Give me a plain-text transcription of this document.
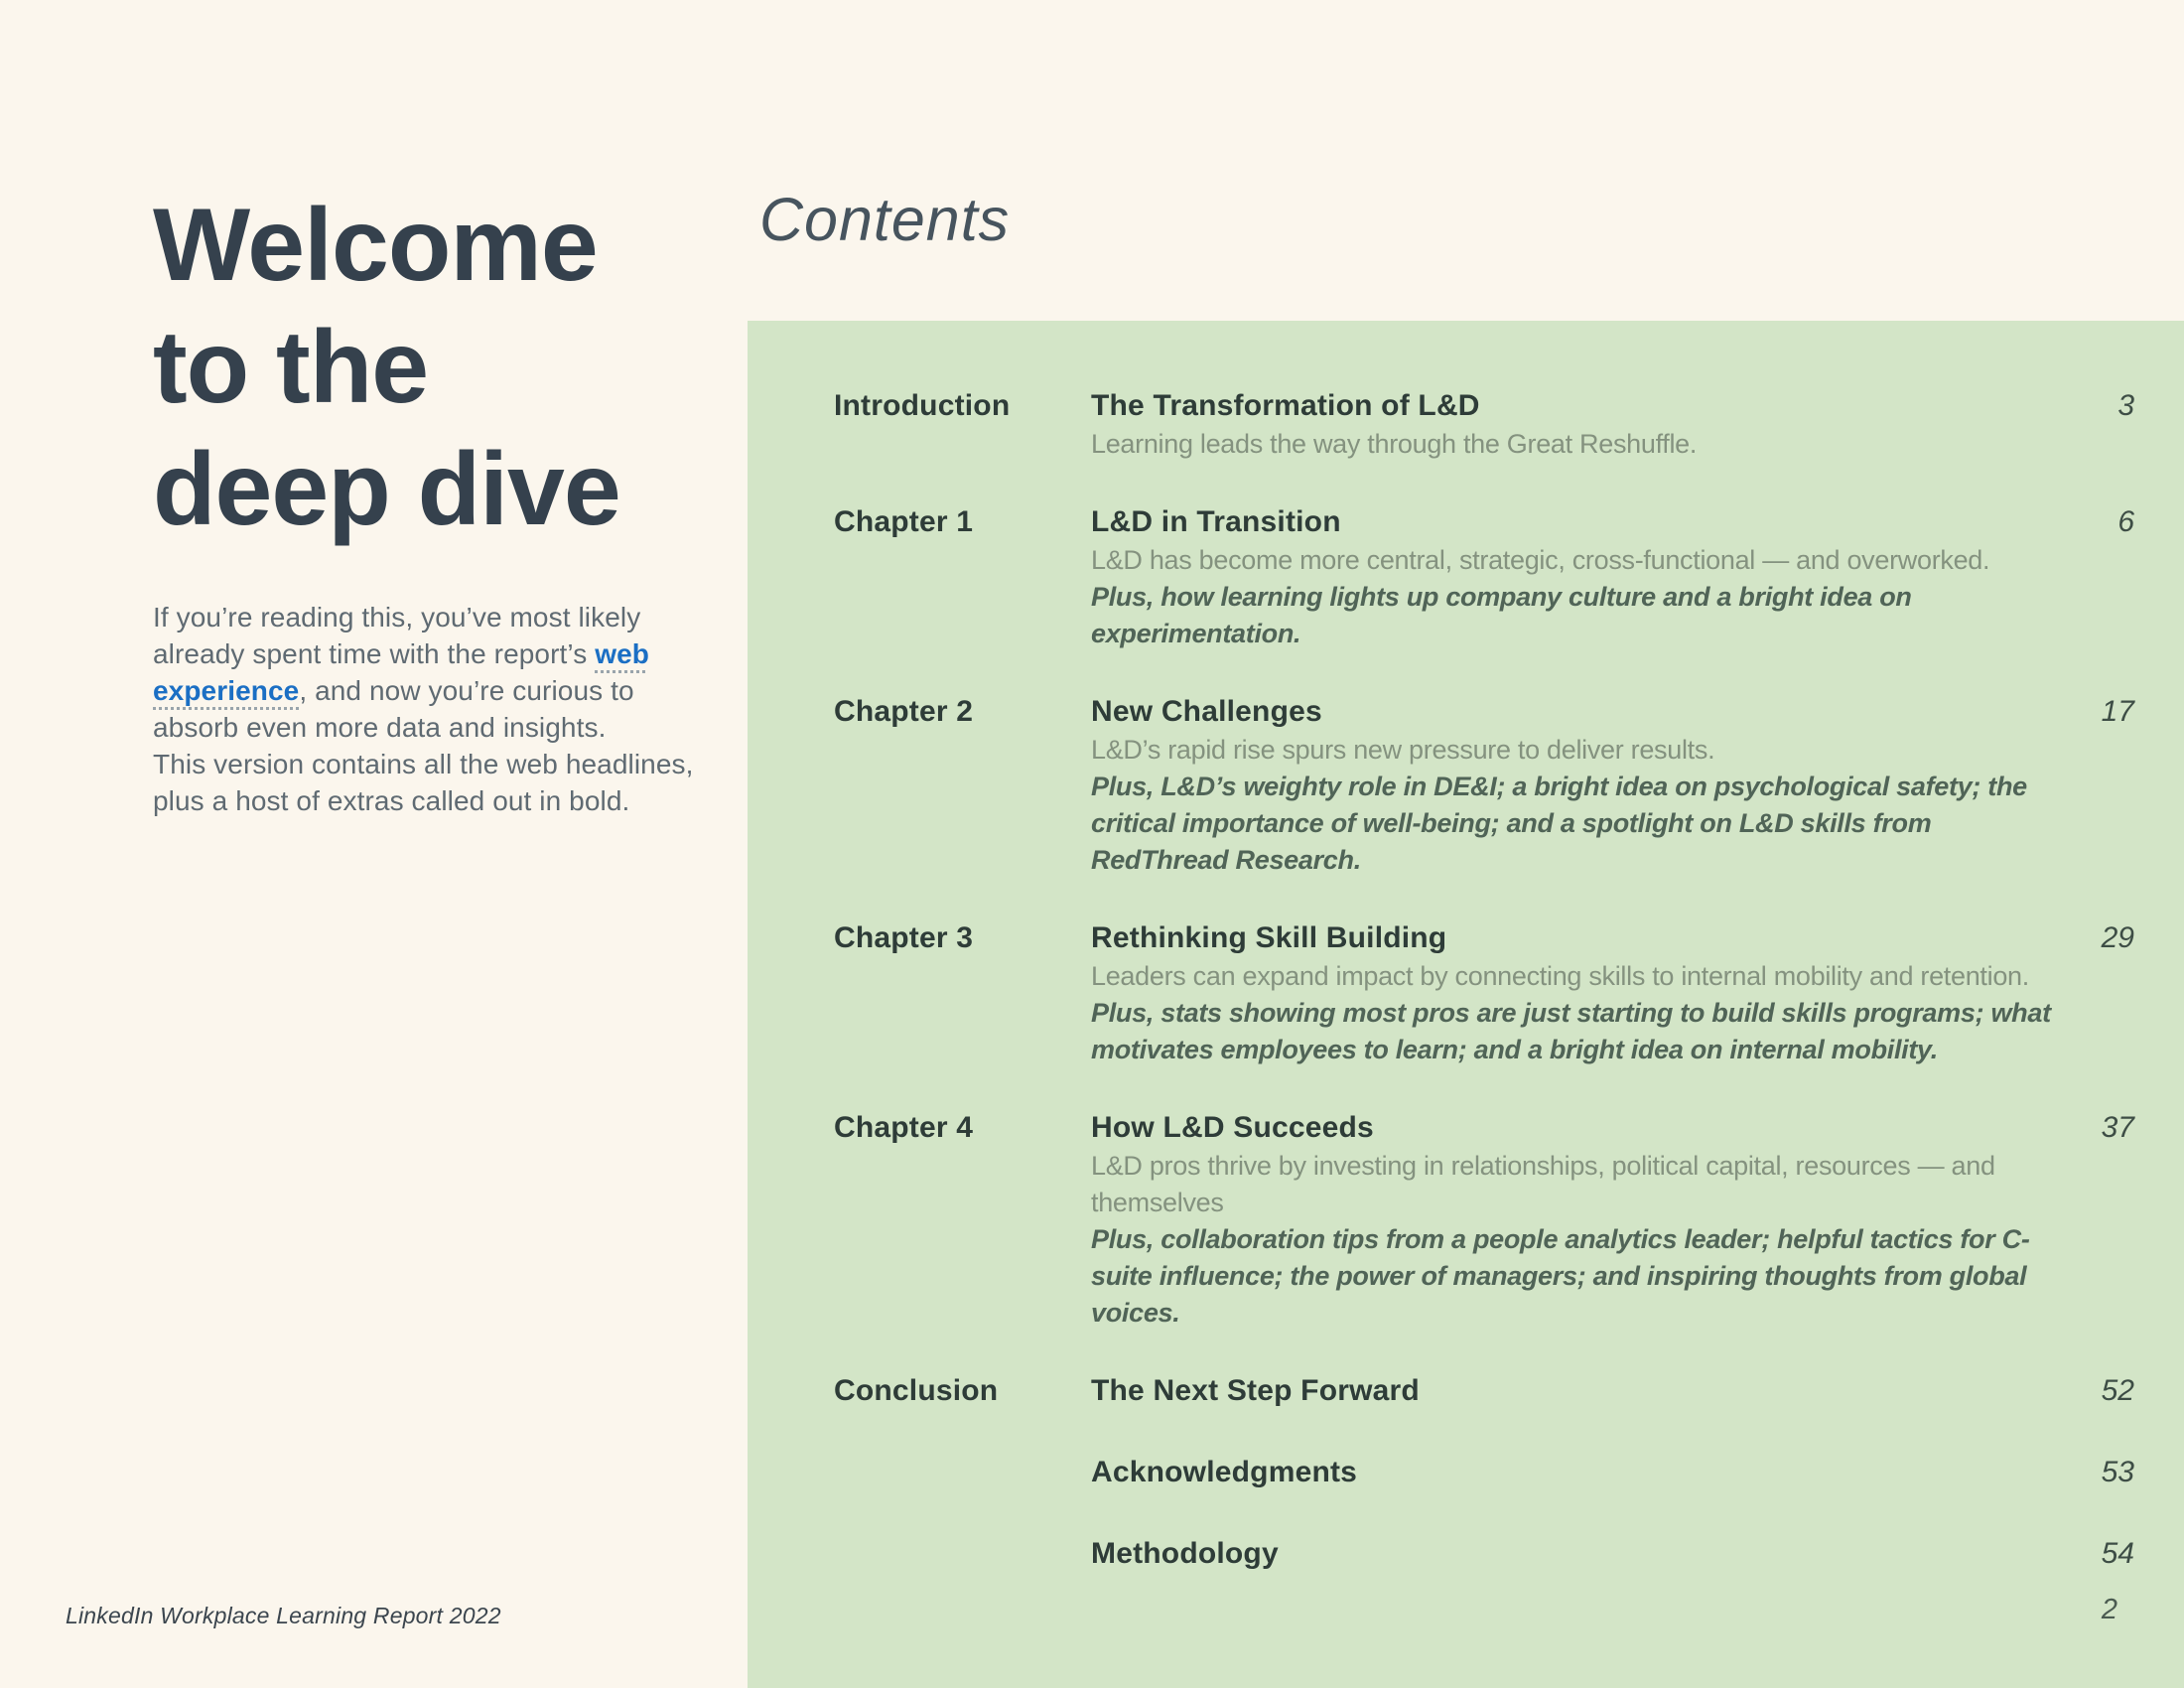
Welcome
to the
deep dive

If you’re reading this, you’ve most likely already spent time with the report’s web experience, and now you’re curious to absorb even more data and insights.
This version contains all the web headlines, plus a host of extras called out in bold.

Contents
Introduction	The Transformation of L&D
Learning leads the way through the Great Reshuffle.
3
Chapter 1	L&D in Transition
L&D has become more central, strategic, cross-functional — and overworked.
Plus, how learning lights up company culture and a bright idea on experimentation.
6
Chapter 2	New Challenges
L&D’s rapid rise spurs new pressure to deliver results.
Plus, L&D’s weighty role in DE&I; a bright idea on psychological safety; the critical importance of well-being; and a spotlight on L&D skills from RedThread Research.
17
Chapter 3	Rethinking Skill Building
Leaders can expand impact by connecting skills to internal mobility and retention.
Plus, stats showing most pros are just starting to build skills programs; what motivates employees to learn; and a bright idea on internal mobility.
29
Chapter 4	How L&D Succeeds
L&D pros thrive by investing in relationships, political capital, resources — and themselves
Plus, collaboration tips from a people analytics leader; helpful tactics for C-suite influence; the power of managers; and inspiring thoughts from global voices.
37
Conclusion	The Next Step Forward	52
Acknowledgments	53
Methodology	54
LinkedIn Workplace Learning Report 2022	2
